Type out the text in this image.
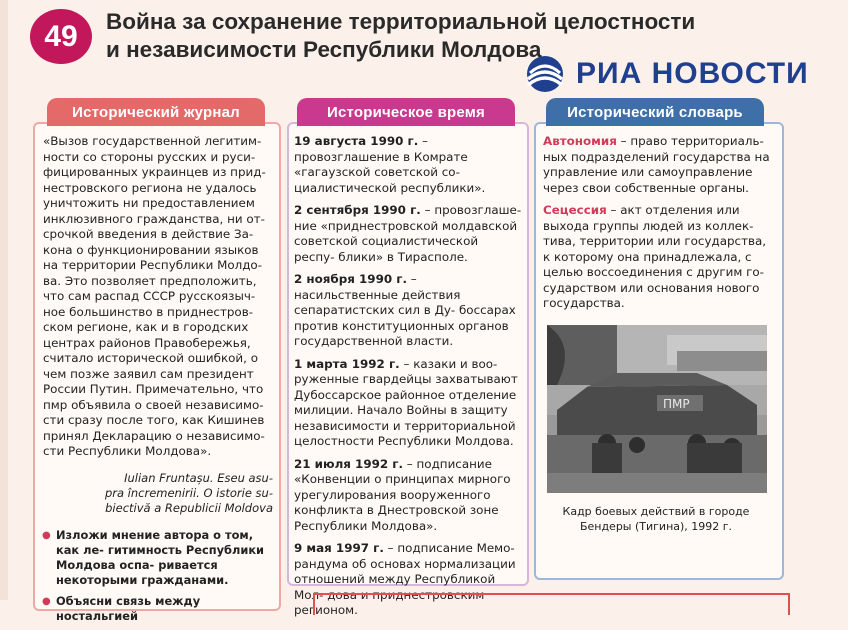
49	Война за сохранение территориальной целостности
и независимости Республики Молдова
РИА НОВОСТИ
Исторический журнал
«Вызов государственной легитим-
ности со стороны русских и руси-
фицированных украинцев из прид-
нестровского региона не удалось
уничтожить ни предоставлением
инклюзивного гражданства, ни от-
срочкой введения в действие За-
кона о функционировании языков
на территории Республики Молдо-
ва. Это позволяет предположить,
что сам распад СССР русскоязыч-
ное большинство в приднестров-
ском регионе, как и в городских
центрах районов Правобережья,
считало исторической ошибкой, о
чем позже заявил сам президент
России Путин. Примечательно, что
пмр объявила о своей независимо-
сти сразу после того, как Кишинев
принял Декларацию о независимо-
сти Республики Молдова».
Iulian Fruntașu. Eseu asu-
pra încremenirii. O istorie su-
biectivă a Republicii Moldova
● Изложи мнение автора о том, как ле- гитимность Республики Молдова оспа- ривается некоторыми гражданами.
● Объясни связь между ностальгией
Историческое время

19 августа 1990 г. – провозглашение в Комрате «гагаузской советской со- циалистической республики».

2 сентября 1990 г. – провозглаше- ние «приднестровской молдавской советской социалистической респу- блики» в Тирасполе.

2 ноября 1990 г. – насильственные действия сепаратистских сил в Ду- боссарах против конституционных органов государственной власти.

1 марта 1992 г. – казаки и воо- руженные гвардейцы захватывают Дубоссарское районное отделение милиции. Начало Войны в защиту независимости и территориальной целостности Республики Молдова.

21 июля 1992 г. – подписание «Конвенции о принципах мирного урегулирования вооруженного конфликта в Днестровской зоне Республики Молдова».

9 мая 1997 г. – подписание Мемо- рандума об основах нормализации отношений между Республикой Мол- дова и приднестровским регионом.

Исторический словарь

Автономия – право территориаль- ных подразделений государства на управление или самоуправление через свои собственные органы.

Сецессия – акт отделения или выхода группы людей из коллек- тива, территории или государства, к которому она принадлежала, с целью воссоединения с другим го- сударством или основания нового государства.

ПМР
Кадр боевых действий в городе Бендеры (Тигина), 1992 г.
